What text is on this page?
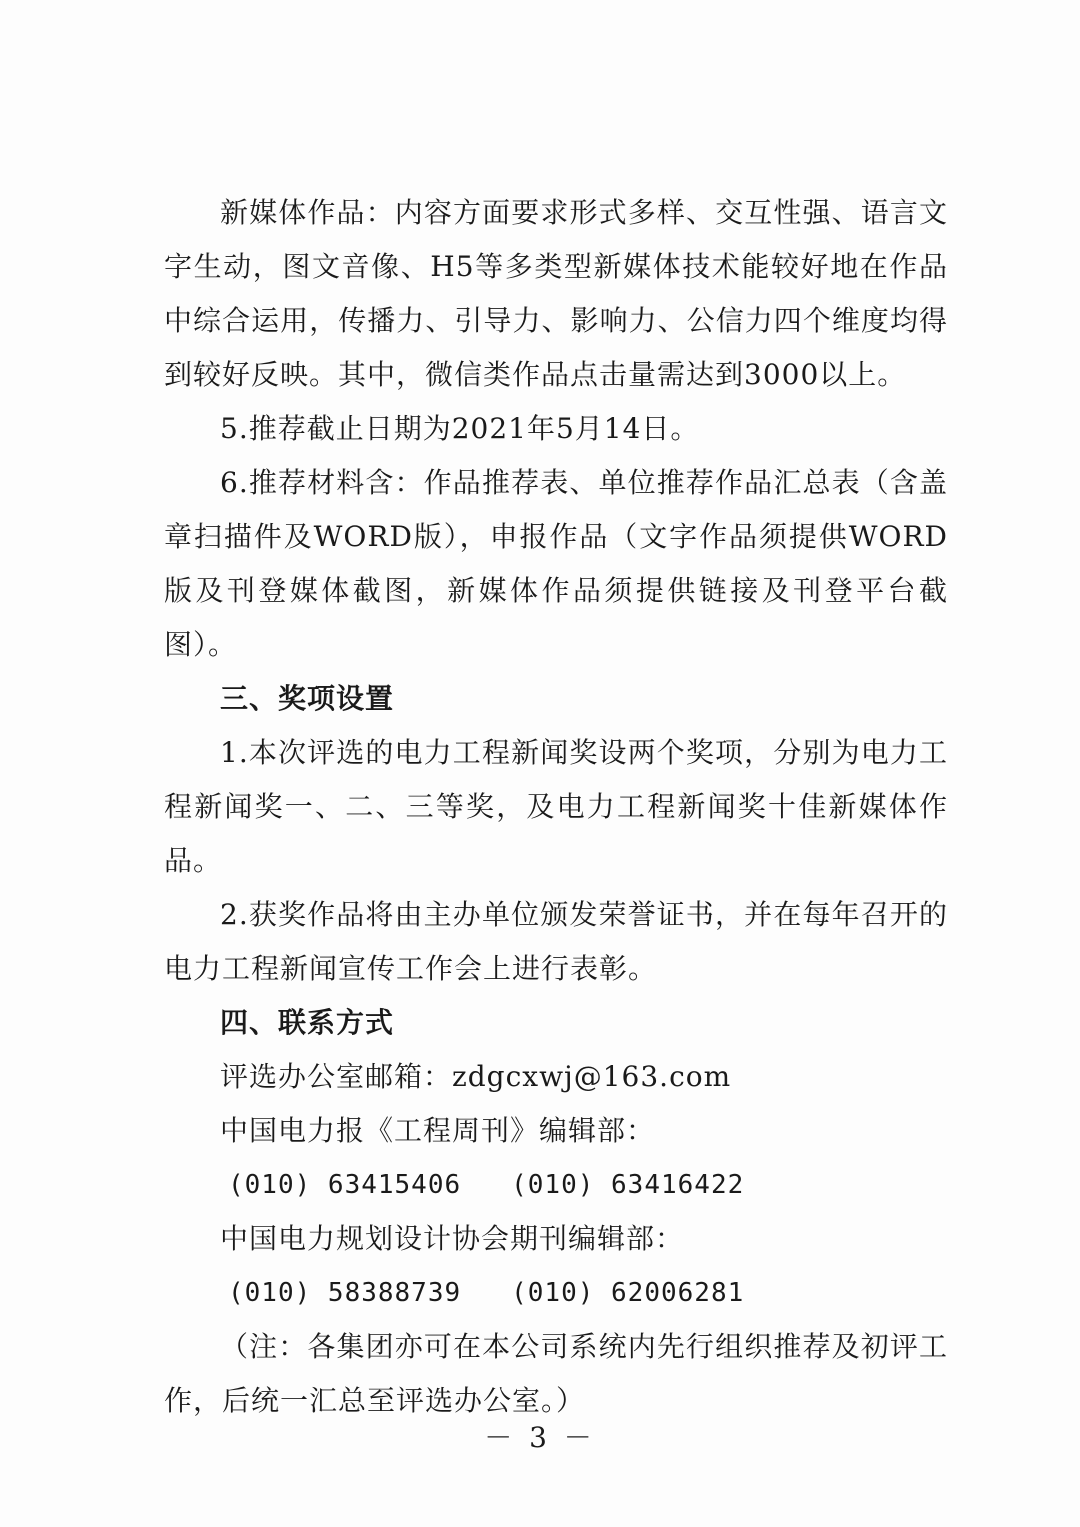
新媒体作品：内容方面要求形式多样、交互性强、语言文字生动，图文音像、H5等多类型新媒体技术能较好地在作品中综合运用，传播力、引导力、影响力、公信力四个维度均得到较好反映。其中，微信类作品点击量需达到3000以上。

5.推荐截止日期为2021年5月14日。

6.推荐材料含：作品推荐表、单位推荐作品汇总表（含盖章扫描件及WORD版），申报作品（文字作品须提供WORD版及刊登媒体截图，新媒体作品须提供链接及刊登平台截图）。

三、奖项设置

1.本次评选的电力工程新闻奖设两个奖项，分别为电力工程新闻奖一、二、三等奖，及电力工程新闻奖十佳新媒体作品。

2.获奖作品将由主办单位颁发荣誉证书，并在每年召开的电力工程新闻宣传工作会上进行表彰。

四、联系方式

评选办公室邮箱：zdgcxwj@163.com

中国电力报《工程周刊》编辑部：

(010) 63415406   (010) 63416422

中国电力规划设计协会期刊编辑部：

(010) 58388739   (010) 62006281

（注：各集团亦可在本公司系统内先行组织推荐及初评工作，后统一汇总至评选办公室。）

－ 3 －
